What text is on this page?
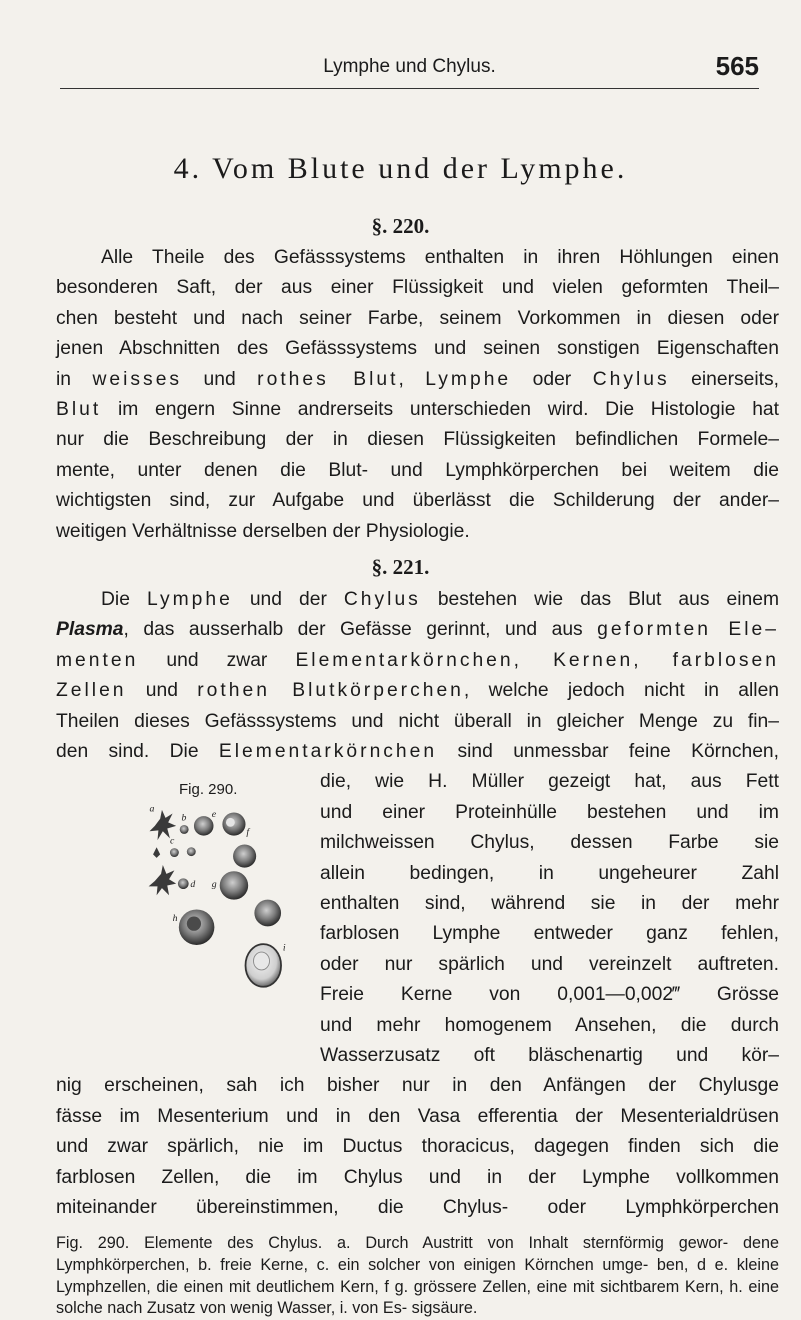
Lymphe und Chylus.	565
4. Vom Blute und der Lymphe.
§. 220.
Alle Theile des Gefässsystems enthalten in ihren Höhlungen einen
besonderen Saft, der aus einer Flüssigkeit und vielen geformten Theil–
chen besteht und nach seiner Farbe, seinem Vorkommen in diesen oder
jenen Abschnitten des Gefässsystems und seinen sonstigen Eigenschaften
in weisses und rothes Blut, Lymphe oder Chylus einerseits,
Blut im engern Sinne andrerseits unterschieden wird. Die Histologie hat
nur die Beschreibung der in diesen Flüssigkeiten befindlichen Formele–
mente, unter denen die Blut- und Lymphkörperchen bei weitem die
wichtigsten sind, zur Aufgabe und überlässt die Schilderung der ander–
weitigen Verhältnisse derselben der Physiologie.
§. 221.
Die Lymphe und der Chylus bestehen wie das Blut aus einem
Plasma, das ausserhalb der Gefässe gerinnt, und aus geformten Ele–
menten und zwar Elementarkörnchen, Kernen, farblosen
Zellen und rothen Blutkörperchen, welche jedoch nicht in allen
Theilen dieses Gefässsystems und nicht überall in gleicher Menge zu fin–
den sind. Die Elementarkörnchen sind unmessbar feine Körnchen,
Fig. 290.
a
b
c
d
e
f
g
h
i
die, wie H. Müller gezeigt hat, aus Fett
und einer Proteinhülle bestehen und im
milchweissen Chylus, dessen Farbe sie
allein bedingen, in ungeheurer Zahl
enthalten sind, während sie in der mehr
farblosen Lymphe entweder ganz fehlen,
oder nur spärlich und vereinzelt auftreten.
Freie Kerne von 0,001—0,002‴ Grösse
und mehr homogenem Ansehen, die durch
Wasserzusatz oft bläschenartig und kör–
nig erscheinen, sah ich bisher nur in den Anfängen der Chylusge
fässe im Mesenterium und in den Vasa efferentia der Mesenterialdrüsen
und zwar spärlich, nie im Ductus thoracicus, dagegen finden sich die
farblosen Zellen, die im Chylus und in der Lymphe vollkommen
miteinander übereinstimmen, die Chylus- oder Lymphkörperchen
Fig. 290. Elemente des Chylus. a. Durch Austritt von Inhalt sternförmig gewor- dene Lymphkörperchen, b. freie Kerne, c. ein solcher von einigen Körnchen umge- ben, d e. kleine Lymphzellen, die einen mit deutlichem Kern, f g. grössere Zellen, eine mit sichtbarem Kern, h. eine solche nach Zusatz von wenig Wasser, i. von Es- sigsäure.
